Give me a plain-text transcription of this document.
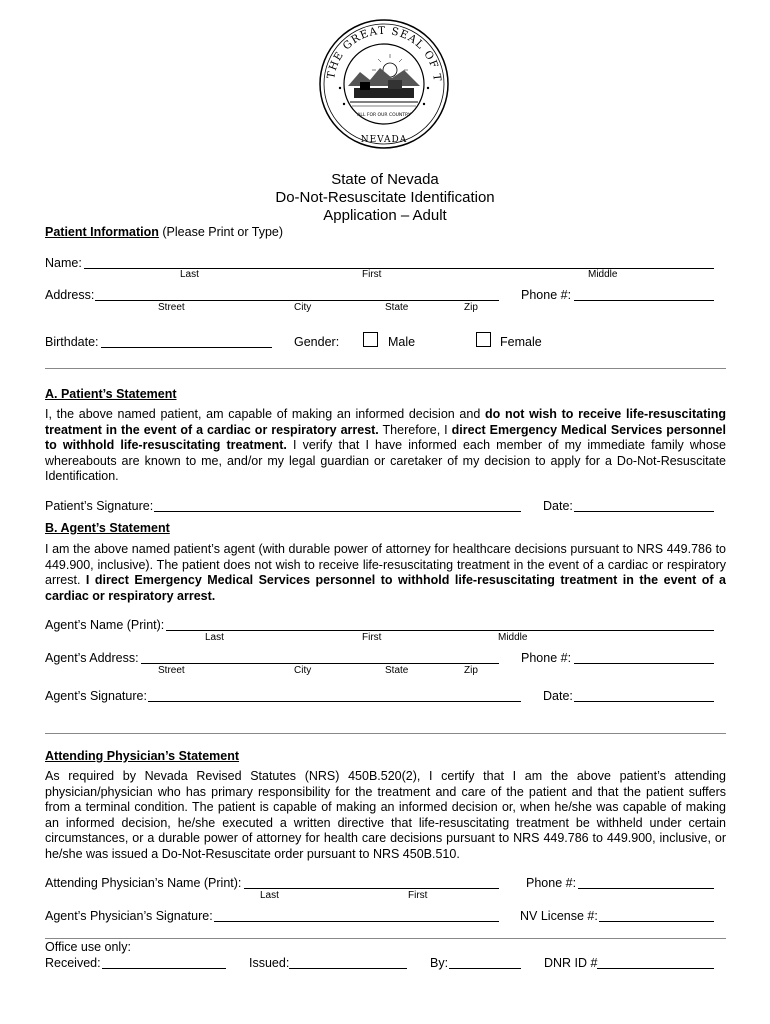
THE GREAT SEAL OF T
NEVADA
ALL FOR OUR COUNTRY
State of Nevada
Do-Not-Resuscitate Identification
Application – Adult
Patient Information (Please Print or Type)
Name:
Last	First	Middle
Address:
Street	City	State	Zip
Phone #:
Birthdate:	Gender:	Male	Female
A. Patient’s Statement
I, the above named patient, am capable of making an informed decision and do not wish to receive life-resuscitating treatment in the event of a cardiac or respiratory arrest. Therefore, I direct Emergency Medical Services personnel to withhold life-resuscitating treatment. I verify that I have informed each member of my immediate family whose whereabouts are known to me, and/or my legal guardian or caretaker of my decision to apply for a Do-Not-Resuscitate Identification.
Patient’s Signature:	Date:
B. Agent’s Statement
I am the above named patient’s agent (with durable power of attorney for healthcare decisions pursuant to NRS 449.786 to 449.900, inclusive). The patient does not wish to receive life-resuscitating treatment in the event of a cardiac or respiratory arrest. I direct Emergency Medical Services personnel to withhold life-resuscitating treatment in the event of a cardiac or respiratory arrest.
Agent’s Name (Print):
Last	First	Middle
Agent’s Address:
Street	City	State	Zip
Phone #:
Agent’s Signature:	Date:
Attending Physician’s Statement
As required by Nevada Revised Statutes (NRS) 450B.520(2), I certify that I am the above patient’s attending physician/physician who has primary responsibility for the treatment and care of the patient and that the patient suffers from a terminal condition. The patient is capable of making an informed decision or, when he/she was capable of making an informed decision, he/she executed a written directive that life-resuscitating treatment be withheld under certain circumstances, or a durable power of attorney for health care decisions pursuant to NRS 449.786 to 449.900, inclusive, or he/she was issued a Do-Not-Resuscitate order pursuant to NRS 450B.510.
Attending Physician’s Name (Print):
Last	First
Phone #:
Agent’s Physician’s Signature:	NV License #:
Office use only:
Received:	Issued:	By:	DNR ID #
